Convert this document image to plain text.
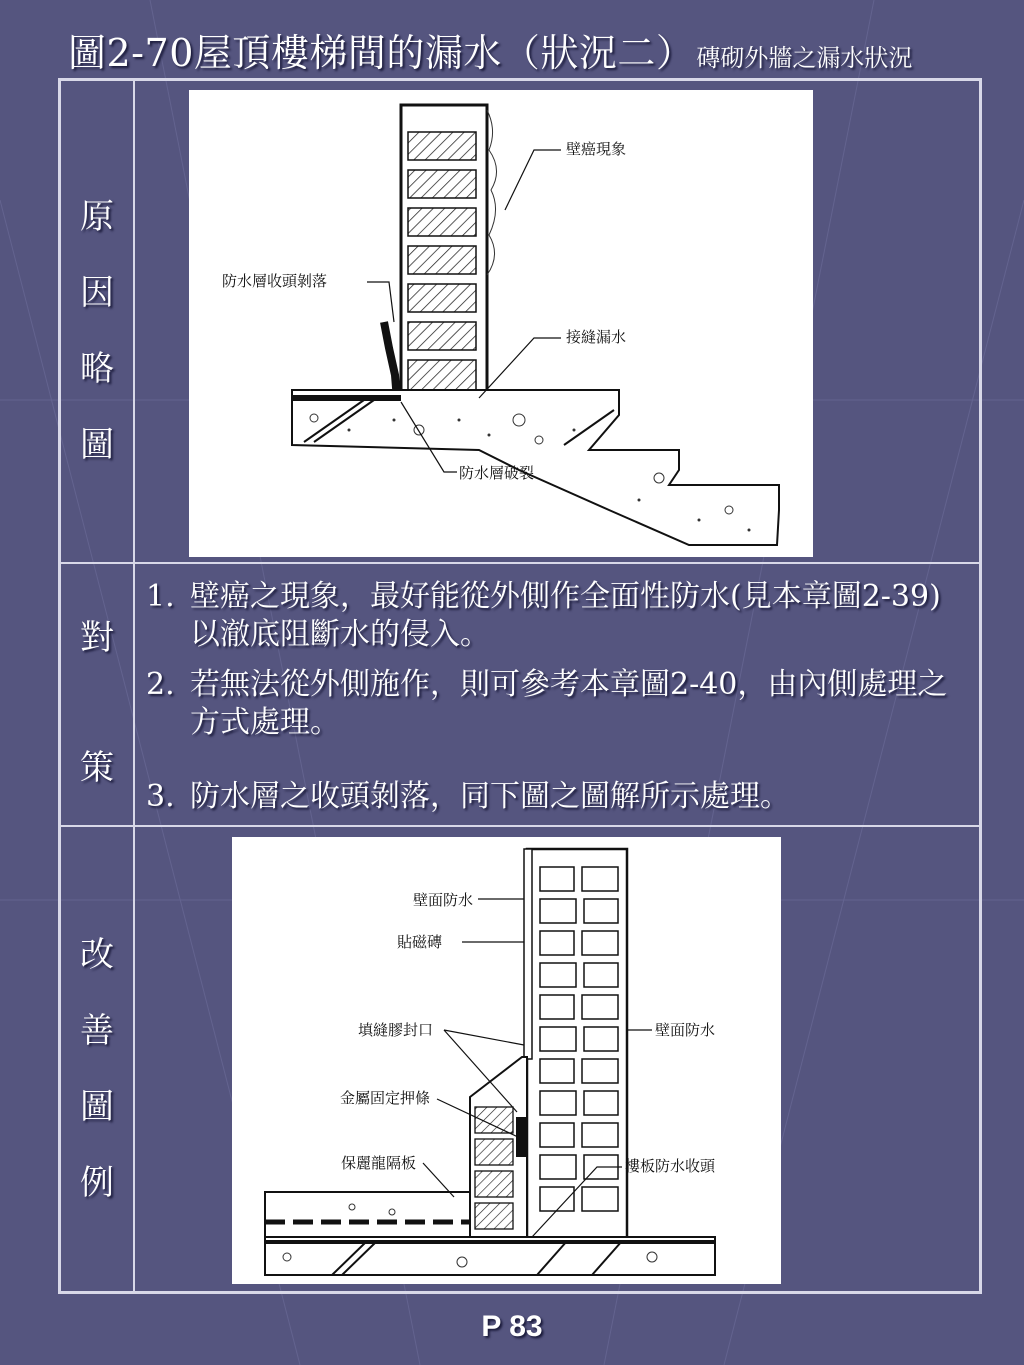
圖2-70屋頂樓梯間的漏水（狀況二）磚砌外牆之漏水狀況
原
因
略
圖
對
策
改
善
圖
例
壁癌現象
防水層收頭剝落
接縫漏水
防水層破裂
1. 壁癌之現象，最好能從外側作全面性防水(見本章圖2-39)以澈底阻斷水的侵入。
2. 若無法從外側施作，則可參考本章圖2-40，由內側處理之方式處理。
3. 防水層之收頭剝落，同下圖之圖解所示處理。
壁面防水
貼磁磚
填縫膠封口	壁面防水
金屬固定押條
保麗龍隔板	樓板防水收頭
P 83
